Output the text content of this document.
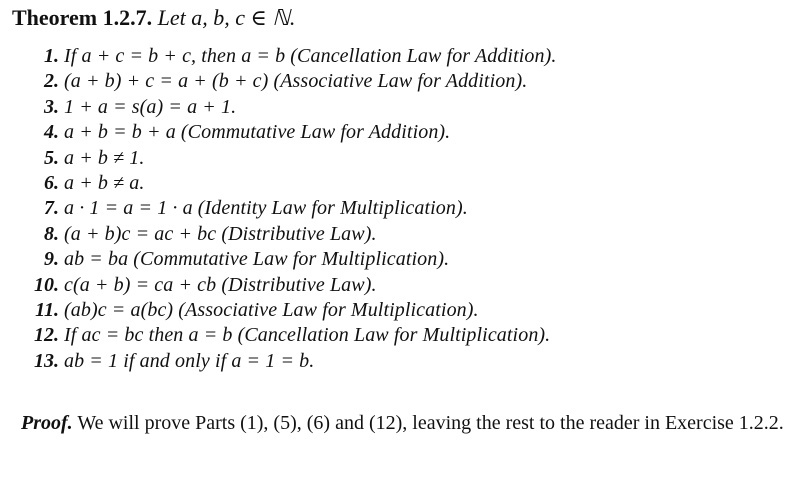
Theorem 1.2.7. Let a, b, c ∈ ℕ.
1. If a + c = b + c, then a = b (Cancellation Law for Addition).
2. (a + b) + c = a + (b + c) (Associative Law for Addition).
3. 1 + a = s(a) = a + 1.
4. a + b = b + a (Commutative Law for Addition).
5. a + b ≠ 1.
6. a + b ≠ a.
7. a · 1 = a = 1 · a (Identity Law for Multiplication).
8. (a + b)c = ac + bc (Distributive Law).
9. ab = ba (Commutative Law for Multiplication).
10. c(a + b) = ca + cb (Distributive Law).
11. (ab)c = a(bc) (Associative Law for Multiplication).
12. If ac = bc then a = b (Cancellation Law for Multiplication).
13. ab = 1 if and only if a = 1 = b.

Proof. We will prove Parts (1), (5), (6) and (12), leaving the rest to the reader in Exercise 1.2.2.
